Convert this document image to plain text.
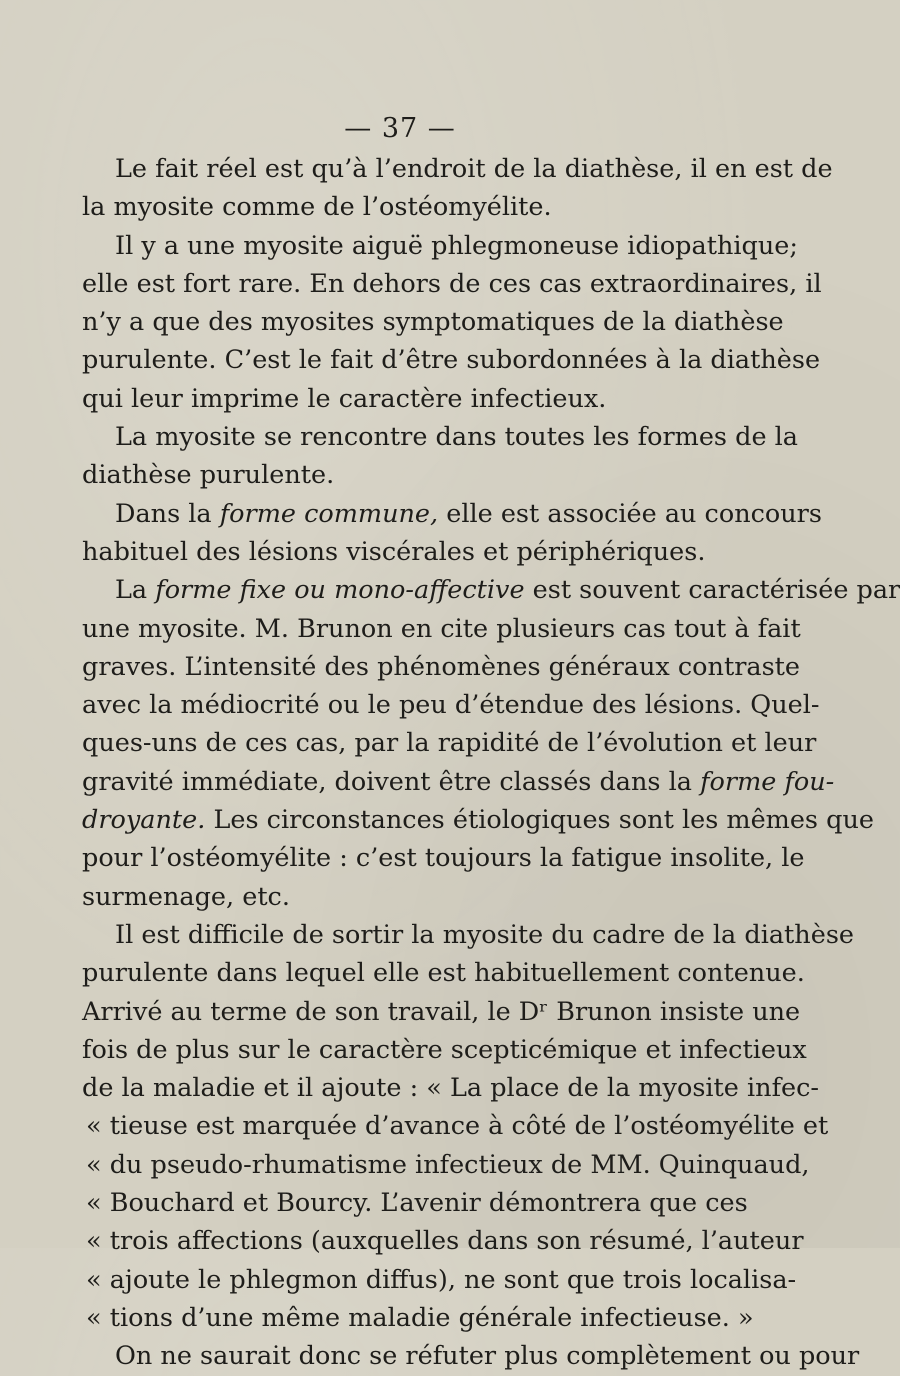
— 37 —
Le fait réel est qu’à l’endroit de la diathèse, il en est de
la myosite comme de l’ostéomyélite.
Il y a une myosite aiguë phlegmoneuse idiopathique;
elle est fort rare. En dehors de ces cas extraordinaires, il
n’y a que des myosites symptomatiques de la diathèse
purulente. C’est le fait d’être subordonnées à la diathèse
qui leur imprime le caractère infectieux.
La myosite se rencontre dans toutes les formes de la
diathèse purulente.
Dans la forme commune, elle est associée au concours
habituel des lésions viscérales et périphériques.
La forme fixe ou mono-affective est souvent caractérisée par
une myosite. M. Brunon en cite plusieurs cas tout à fait
graves. L’intensité des phénomènes généraux contraste
avec la médiocrité ou le peu d’étendue des lésions. Quel-
ques-uns de ces cas, par la rapidité de l’évolution et leur
gravité immédiate, doivent être classés dans la forme fou-
droyante. Les circonstances étiologiques sont les mêmes que
pour l’ostéomyélite : c’est toujours la fatigue insolite, le
surmenage, etc.
Il est difficile de sortir la myosite du cadre de la diathèse
purulente dans lequel elle est habituellement contenue.
Arrivé au terme de son travail, le Dʳ Brunon insiste une
fois de plus sur le caractère scepticémique et infectieux
de la maladie et il ajoute : « La place de la myosite infec-
« tieuse est marquée d’avance à côté de l’ostéomyélite et
« du pseudo-rhumatisme infectieux de MM. Quinquaud,
« Bouchard et Bourcy. L’avenir démontrera que ces
« trois affections (auxquelles dans son résumé, l’auteur
« ajoute le phlegmon diffus), ne sont que trois localisa-
« tions d’une même maladie générale infectieuse. »
On ne saurait donc se réfuter plus complètement ou pour
